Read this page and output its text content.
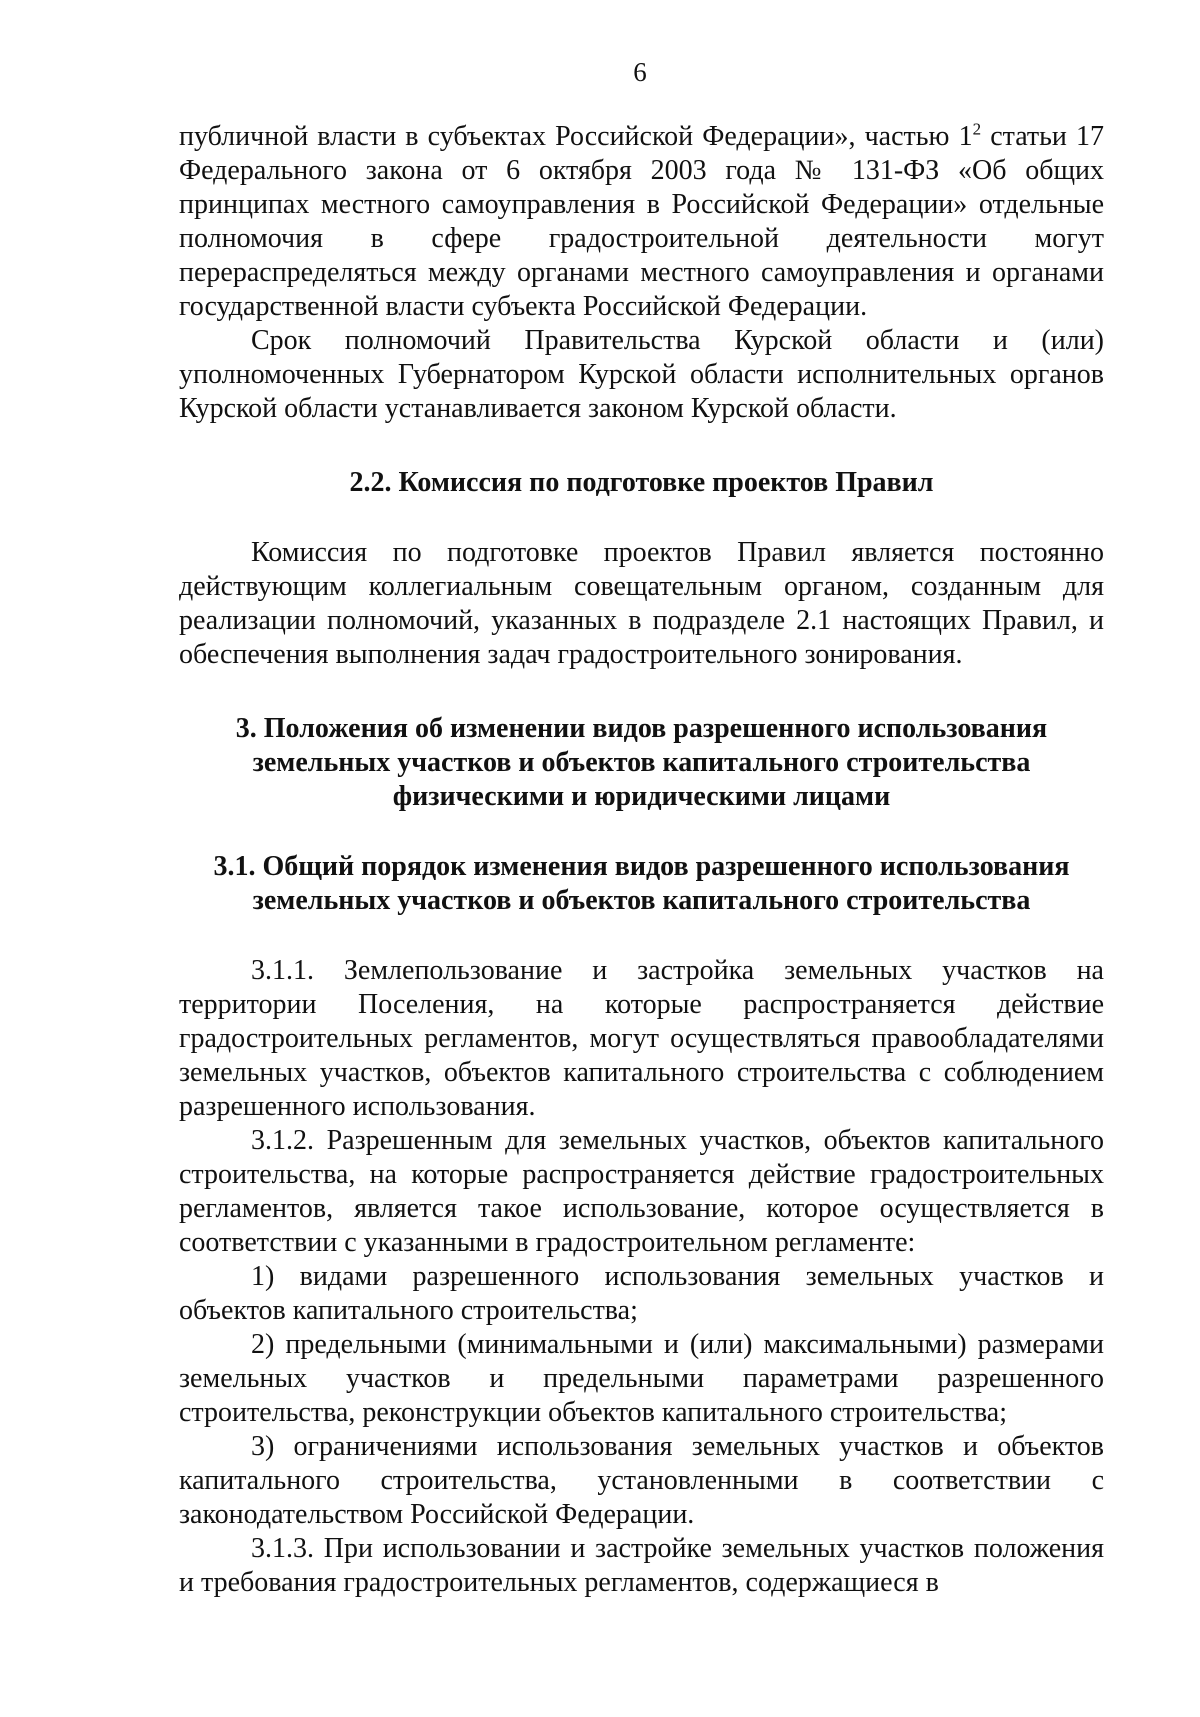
6

публичной власти в субъектах Российской Федерации», частью $1^2$ статьи 17 Федерального закона от 6 октября 2003 года № 131-ФЗ «Об общих принципах местного самоуправления в Российской Федерации» отдельные полномочия в сфере градостроительной деятельности могут перераспределяться между органами местного самоуправления и органами государственной власти субъекта Российской Федерации.

Срок полномочий Правительства Курской области и (или) уполномоченных Губернатором Курской области исполнительных органов Курской области устанавливается законом Курской области.

2.2. Комиссия по подготовке проектов Правил

Комиссия по подготовке проектов Правил является постоянно действующим коллегиальным совещательным органом, созданным для реализации полномочий, указанных в подразделе 2.1 настоящих Правил, и обеспечения выполнения задач градостроительного зонирования.

3. Положения об изменении видов разрешенного использования
земельных участков и объектов капитального строительства
физическими и юридическими лицами
3.1. Общий порядок изменения видов разрешенного использования
земельных участков и объектов капитального строительства

3.1.1. Землепользование и застройка земельных участков на территории Поселения, на которые распространяется действие градостроительных регламентов, могут осуществляться правообладателями земельных участков, объектов капитального строительства с соблюдением разрешенного использования.

3.1.2. Разрешенным для земельных участков, объектов капитального строительства, на которые распространяется действие градостроительных регламентов, является такое использование, которое осуществляется в соответствии с указанными в градостроительном регламенте:

1) видами разрешенного использования земельных участков и объектов капитального строительства;

2) предельными (минимальными и (или) максимальными) размерами земельных участков и предельными параметрами разрешенного строительства, реконструкции объектов капитального строительства;

3) ограничениями использования земельных участков и объектов капитального строительства, установленными в соответствии с законодательством Российской Федерации.

3.1.3. При использовании и застройке земельных участков положения и требования градостроительных регламентов, содержащиеся в
